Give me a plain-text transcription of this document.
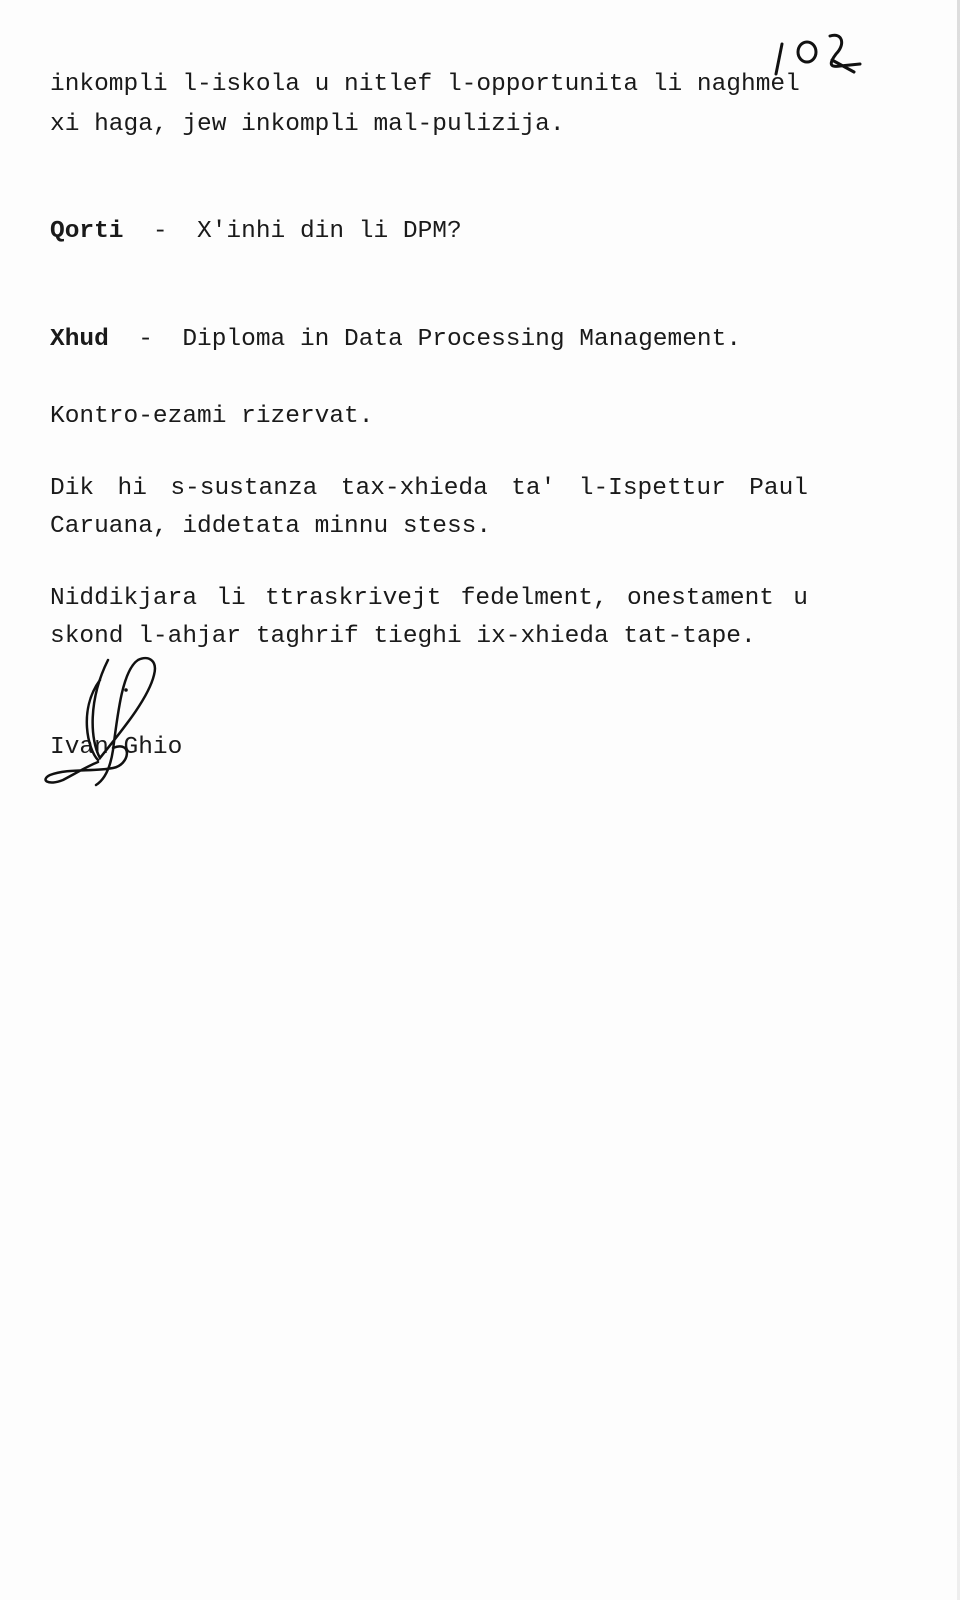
inkompli l-iskola u nitlef l-opportunita li naghmel
xi haga, jew inkompli mal-pulizija.
Qorti - X'inhi din li DPM?
Xhud - Diploma in Data Processing Management.
Kontro-ezami rizervat.
Dik hi s-sustanza tax-xhieda ta' l-Ispettur Paul
Caruana, iddetata minnu stess.
Niddikjara li ttraskrivejt fedelment, onestament u
skond l-ahjar taghrif tieghi ix-xhieda tat-tape.
Ivan Ghio
